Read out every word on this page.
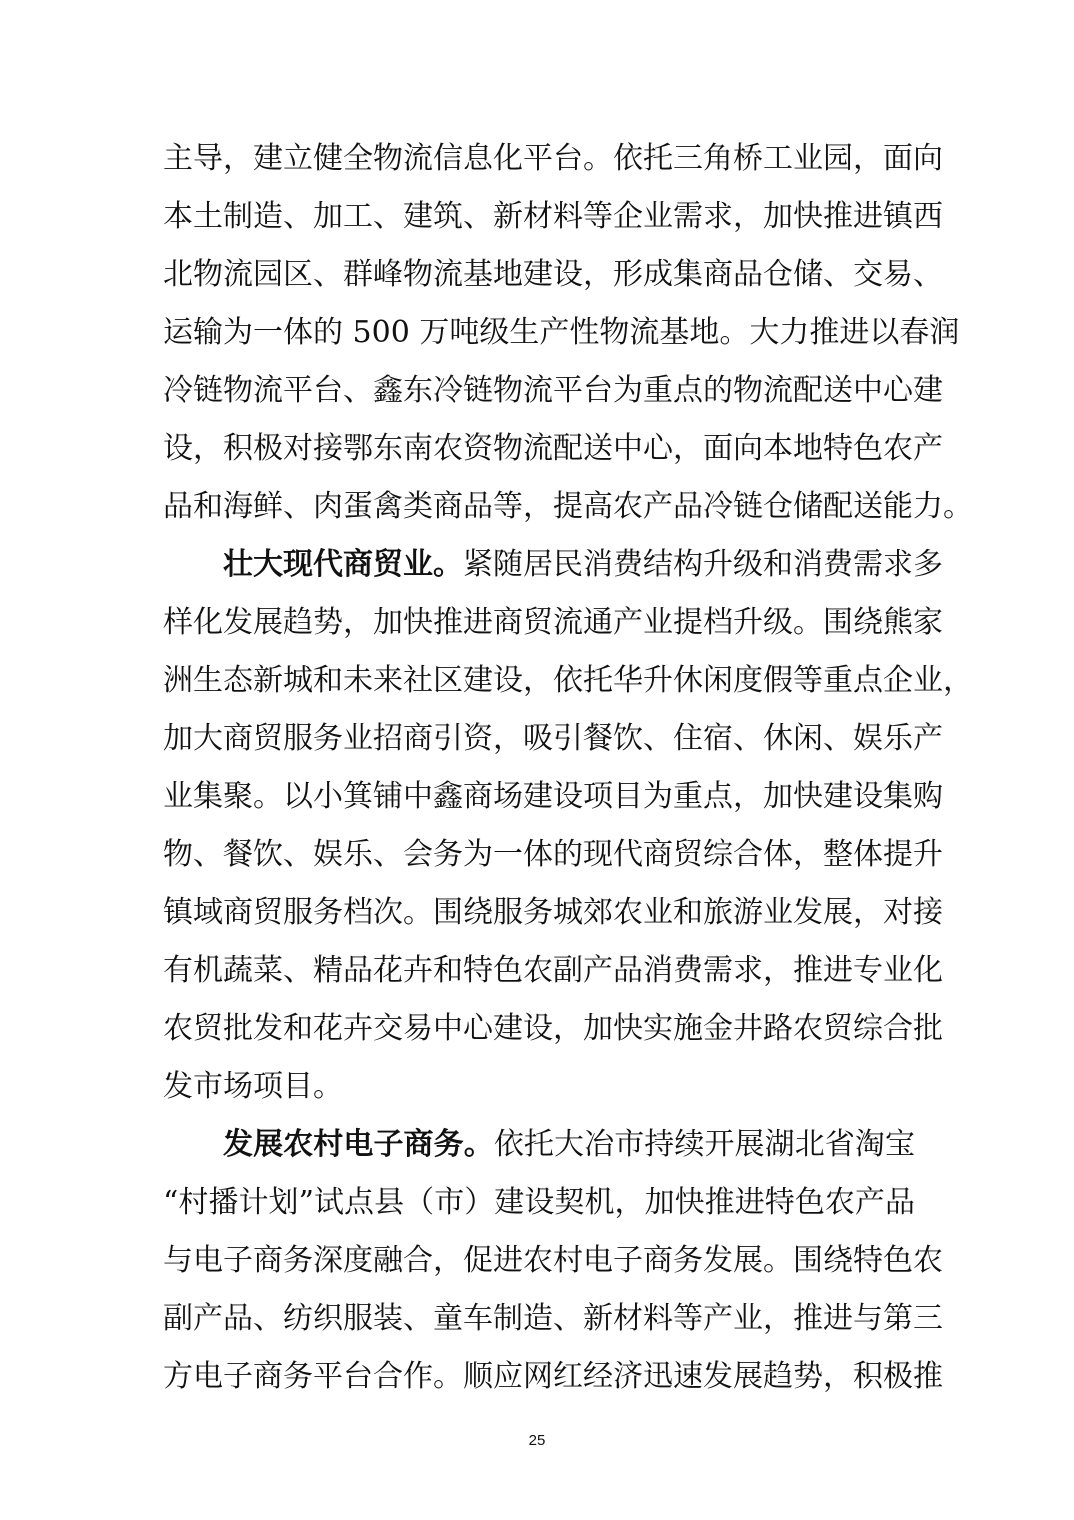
主导，建立健全物流信息化平台。依托三角桥工业园，面向
本土制造、加工、建筑、新材料等企业需求，加快推进镇西
北物流园区、群峰物流基地建设，形成集商品仓储、交易、
运输为一体的 500 万吨级生产性物流基地。大力推进以春润
冷链物流平台、鑫东冷链物流平台为重点的物流配送中心建
设，积极对接鄂东南农资物流配送中心，面向本地特色农产
品和海鲜、肉蛋禽类商品等，提高农产品冷链仓储配送能力。
壮大现代商贸业。紧随居民消费结构升级和消费需求多
样化发展趋势，加快推进商贸流通产业提档升级。围绕熊家
洲生态新城和未来社区建设，依托华升休闲度假等重点企业，
加大商贸服务业招商引资，吸引餐饮、住宿、休闲、娱乐产
业集聚。以小箕铺中鑫商场建设项目为重点，加快建设集购
物、餐饮、娱乐、会务为一体的现代商贸综合体，整体提升
镇域商贸服务档次。围绕服务城郊农业和旅游业发展，对接
有机蔬菜、精品花卉和特色农副产品消费需求，推进专业化
农贸批发和花卉交易中心建设，加快实施金井路农贸综合批
发市场项目。
发展农村电子商务。依托大冶市持续开展湖北省淘宝
“村播计划”试点县（市）建设契机，加快推进特色农产品
与电子商务深度融合，促进农村电子商务发展。围绕特色农
副产品、纺织服装、童车制造、新材料等产业，推进与第三
方电子商务平台合作。顺应网红经济迅速发展趋势，积极推
25
